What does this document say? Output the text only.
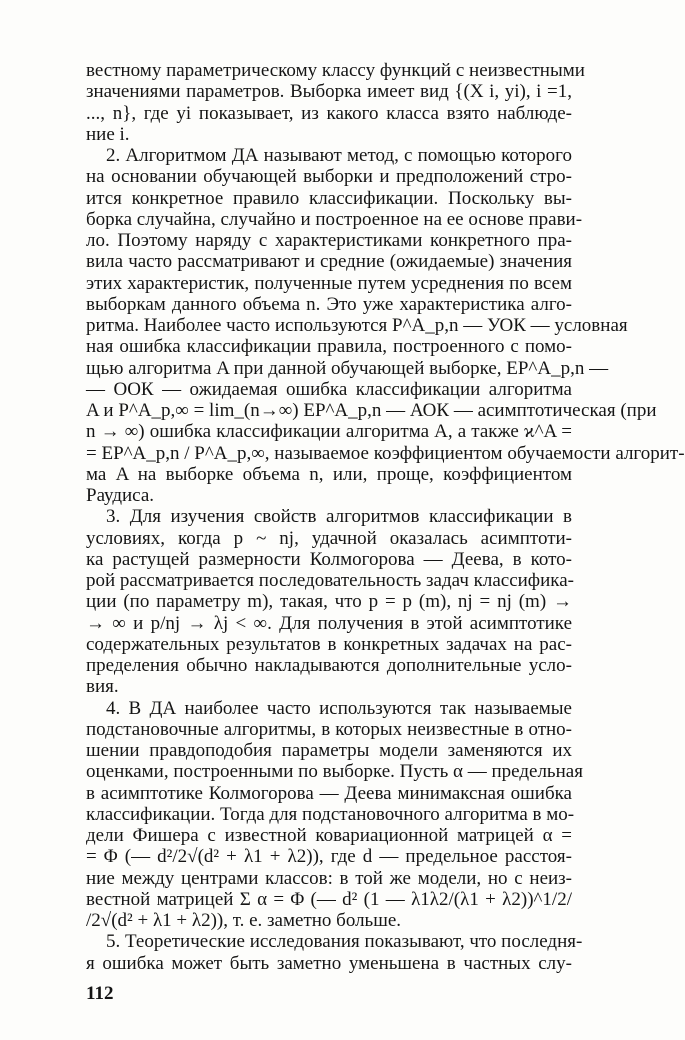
вестному параметрическому классу функций с неизвестными
значениями параметров. Выборка имеет вид {(X i, yi), i =1,
..., n}, где yi показывает, из какого класса взято наблюде-
ние i.
2. Алгоритмом ДА называют метод, с помощью которого
на основании обучающей выборки и предположений стро-
ится конкретное правило классификации. Поскольку вы-
борка случайна, случайно и построенное на ее основе прави-
ло. Поэтому наряду с характеристиками конкретного пра-
вила часто рассматривают и средние (ожидаемые) значения
этих характеристик, полученные путем усреднения по всем
выборкам данного объема n. Это уже характеристика алго-
ритма. Наиболее часто используются P^A_p,n — УОК — условная
ная ошибка классификации правила, построенного с помо-
щью алгоритма A при данной обучающей выборке, EP^A_p,n —
— ООК — ожидаемая ошибка классификации алгоритма
A и P^A_p,∞ = lim_(n→∞) EP^A_p,n — АОК — асимптотическая (при
n → ∞) ошибка классификации алгоритма A, а также ϰ^A =
= EP^A_p,n / P^A_p,∞, называемое коэффициентом обучаемости алгорит-
ма A на выборке объема n, или, проще, коэффициентом
Раудиса.
3. Для изучения свойств алгоритмов классификации в
условиях, когда p ~ nj, удачной оказалась асимптоти-
ка растущей размерности Колмогорова — Деева, в кото-
рой рассматривается последовательность задач классифика-
ции (по параметру m), такая, что p = p (m), nj = nj (m) →
→ ∞ и p/nj → λj < ∞. Для получения в этой асимптотике
содержательных результатов в конкретных задачах на рас-
пределения обычно накладываются дополнительные усло-
вия.
4. В ДА наиболее часто используются так называемые
подстановочные алгоритмы, в которых неизвестные в отно-
шении правдоподобия параметры модели заменяются их
оценками, построенными по выборке. Пусть α — предельная
в асимптотике Колмогорова — Деева минимаксная ошибка
классификации. Тогда для подстановочного алгоритма в мо-
дели Фишера с известной ковариационной матрицей α =
= Φ (— d²/2√(d² + λ1 + λ2)), где d — предельное расстоя-
ние между центрами классов: в той же модели, но с неиз-
вестной матрицей Σ α = Φ (— d² (1 — λ1λ2/(λ1 + λ2))^1/2/
/2√(d² + λ1 + λ2)), т. е. заметно больше.
5. Теоретические исследования показывают, что последня-
я ошибка может быть заметно уменьшена в частных слу-
112
